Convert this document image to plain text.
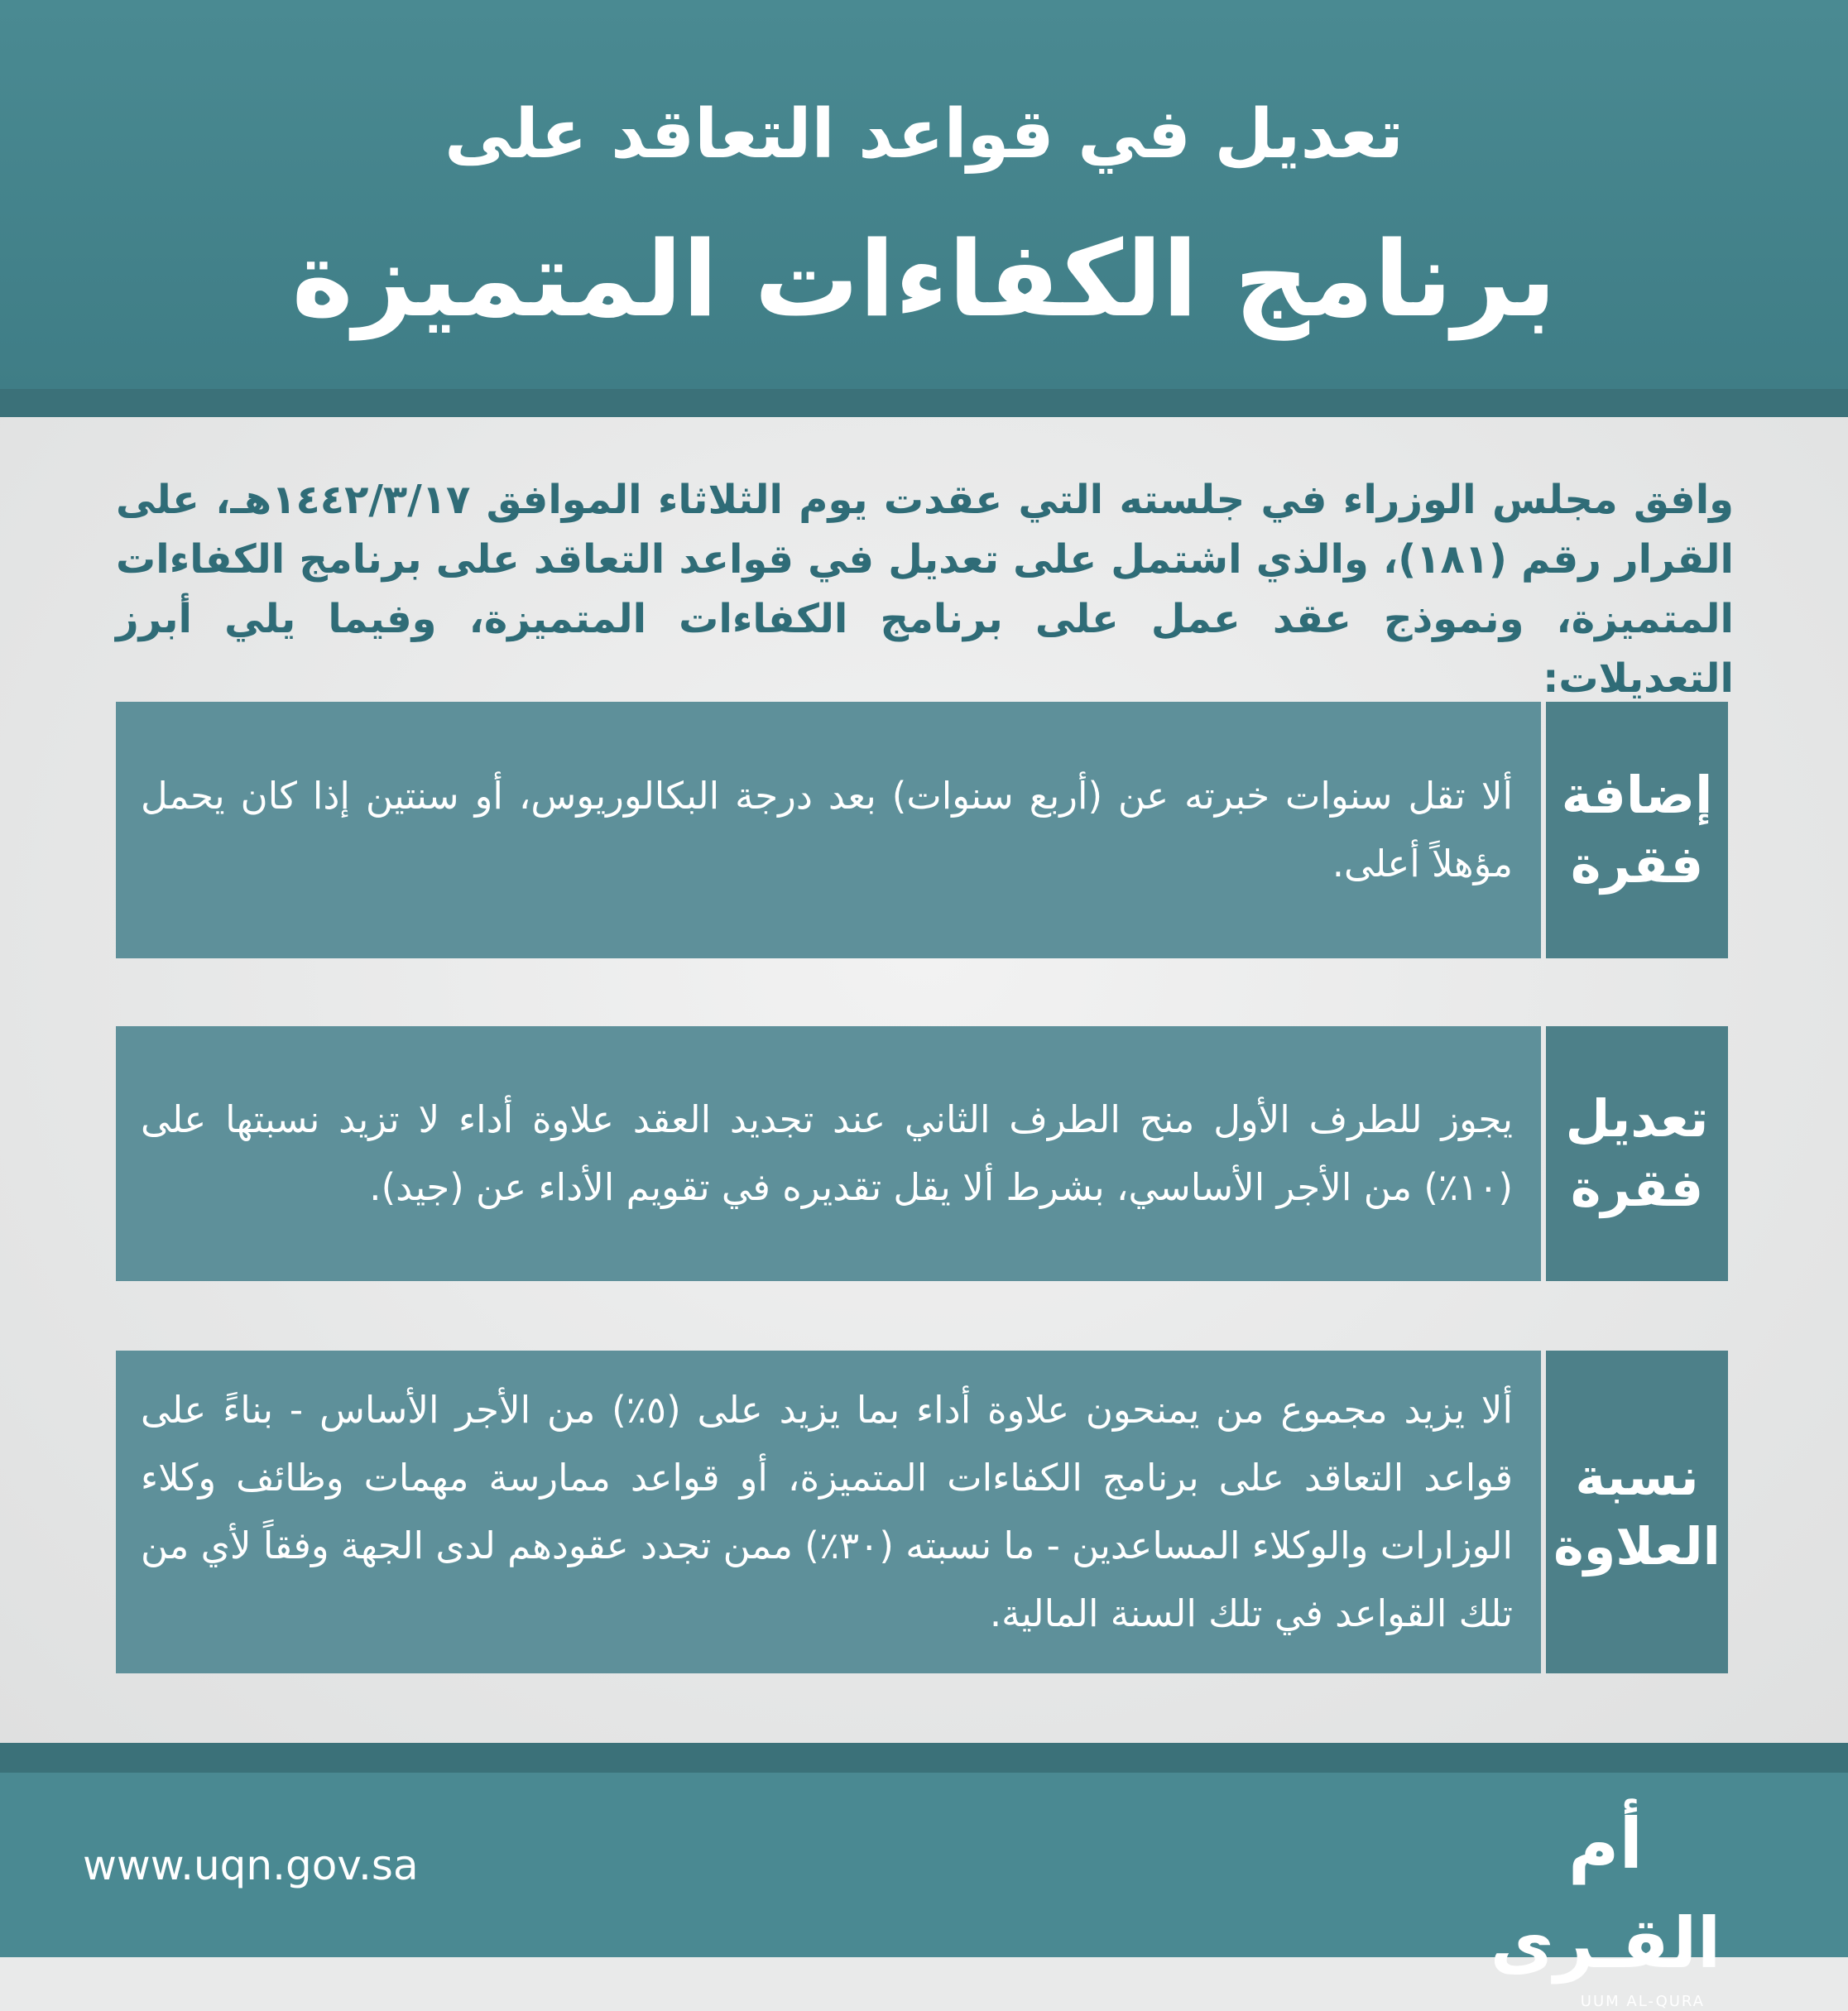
تعديل في قواعد التعاقد على
برنامج الكفاءات المتميزة
وافق مجلس الوزراء في جلسته التي عقدت يوم الثلاثاء الموافق ١٤٤٢/٣/١٧هـ، على القرار رقم (١٨١)، والذي اشتمل على تعديل في قواعد التعاقد على برنامج الكفاءات المتميزة، ونموذج عقد عمل على برنامج الكفاءات المتميزة، وفيما يلي أبرز التعديلات:
إضافة
فقرة
ألا تقل سنوات خبرته عن (أربع سنوات) بعد درجة البكالوريوس، أو سنتين إذا كان يحمل مؤهلاً أعلى.
تعديل
فقرة
يجوز للطرف الأول منح الطرف الثاني عند تجديد العقد علاوة أداء لا تزيد نسبتها على (١٠٪) من الأجر الأساسي، بشرط ألا يقل تقديره في تقويم الأداء عن (جيد).
نسبة
العلاوة
ألا يزيد مجموع من يمنحون علاوة أداء بما يزيد على (٥٪) من الأجر الأساس - بناءً على قواعد التعاقد على برنامج الكفاءات المتميزة، أو قواعد ممارسة مهمات وظائف وكلاء الوزارات والوكلاء المساعدين - ما نسبته (٣٠٪) ممن تجدد عقودهم لدى الجهة وفقاً لأي من تلك القواعد في تلك السنة المالية.
www.uqn.gov.sa	أم القـرى
UUM AL-QURA
